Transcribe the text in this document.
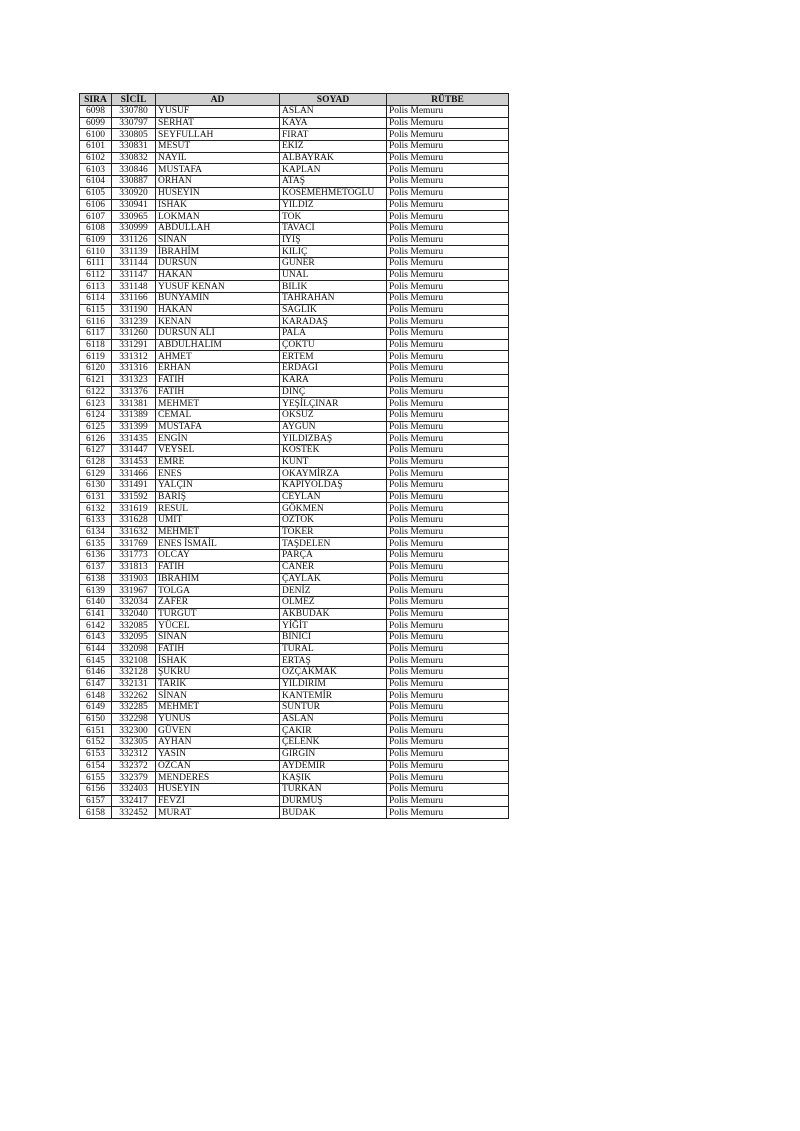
SIRA	SİCİL	AD	SOYAD	RÜTBE
6098	330780	YUSUF	ASLAN	Polis Memuru
6099	330797	SERHAT	KAYA	Polis Memuru
6100	330805	SEYFULLAH	FIRAT	Polis Memuru
6101	330831	MESUT	EKİZ	Polis Memuru
6102	330832	NAYİL	ALBAYRAK	Polis Memuru
6103	330846	MUSTAFA	KAPLAN	Polis Memuru
6104	330887	ORHAN	ATAŞ	Polis Memuru
6105	330920	HÜSEYİN	KÖSEMEHMETOĞLU	Polis Memuru
6106	330941	İSHAK	YILDIZ	Polis Memuru
6107	330965	LOKMAN	TOK	Polis Memuru
6108	330999	ABDULLAH	TAVACI	Polis Memuru
6109	331126	SİNAN	İYİŞ	Polis Memuru
6110	331139	İBRAHİM	KILIÇ	Polis Memuru
6111	331144	DURSUN	GÜNER	Polis Memuru
6112	331147	HAKAN	ÜNAL	Polis Memuru
6113	331148	YUSUF KENAN	BILIK	Polis Memuru
6114	331166	BÜNYAMİN	TAHRAHAN	Polis Memuru
6115	331190	HAKAN	SAĞLIK	Polis Memuru
6116	331239	KENAN	KARADAŞ	Polis Memuru
6117	331260	DURSUN ALİ	PALA	Polis Memuru
6118	331291	ABDULHALİM	ÇOKTU	Polis Memuru
6119	331312	AHMET	ERTEM	Polis Memuru
6120	331316	ERHAN	ERDAĞI	Polis Memuru
6121	331323	FATİH	KARA	Polis Memuru
6122	331376	FATİH	DİNÇ	Polis Memuru
6123	331381	MEHMET	YEŞİLÇINAR	Polis Memuru
6124	331389	CEMAL	ÖKSÜZ	Polis Memuru
6125	331399	MUSTAFA	AYGÜN	Polis Memuru
6126	331435	ENGİN	YILDIZBAŞ	Polis Memuru
6127	331447	VEYSEL	KÖSTEK	Polis Memuru
6128	331453	EMRE	KUNT	Polis Memuru
6129	331466	ENES	OKAYMİRZA	Polis Memuru
6130	331491	YALÇIN	KAPIYOLDAŞ	Polis Memuru
6131	331592	BARIŞ	CEYLAN	Polis Memuru
6132	331619	RESUL	GÖKMEN	Polis Memuru
6133	331628	ÜMİT	ÖZTOK	Polis Memuru
6134	331632	MEHMET	TOKER	Polis Memuru
6135	331769	ENES İSMAİL	TAŞDELEN	Polis Memuru
6136	331773	OLCAY	PARÇA	Polis Memuru
6137	331813	FATİH	CANER	Polis Memuru
6138	331903	İBRAHİM	ÇAYLAK	Polis Memuru
6139	331967	TOLGA	DENİZ	Polis Memuru
6140	332034	ZAFER	ÖLMEZ	Polis Memuru
6141	332040	TURGUT	AKBUDAK	Polis Memuru
6142	332085	YÜCEL	YİĞİT	Polis Memuru
6143	332095	SİNAN	BİNİCİ	Polis Memuru
6144	332098	FATİH	TURAL	Polis Memuru
6145	332108	İSHAK	ERTAŞ	Polis Memuru
6146	332128	ŞÜKRÜ	ÖZÇAKMAK	Polis Memuru
6147	332131	TARIK	YILDIRIM	Polis Memuru
6148	332262	SİNAN	KANTEMİR	Polis Memuru
6149	332285	MEHMET	SUNTUR	Polis Memuru
6150	332298	YUNUS	ASLAN	Polis Memuru
6151	332300	GÜVEN	ÇAKIR	Polis Memuru
6152	332305	AYHAN	ÇELENK	Polis Memuru
6153	332312	YASİN	GİRGİN	Polis Memuru
6154	332372	ÖZCAN	AYDEMİR	Polis Memuru
6155	332379	MENDERES	KAŞIK	Polis Memuru
6156	332403	HÜSEYİN	TÜRKAN	Polis Memuru
6157	332417	FEVZİ	DURMUŞ	Polis Memuru
6158	332452	MURAT	BUDAK	Polis Memuru
